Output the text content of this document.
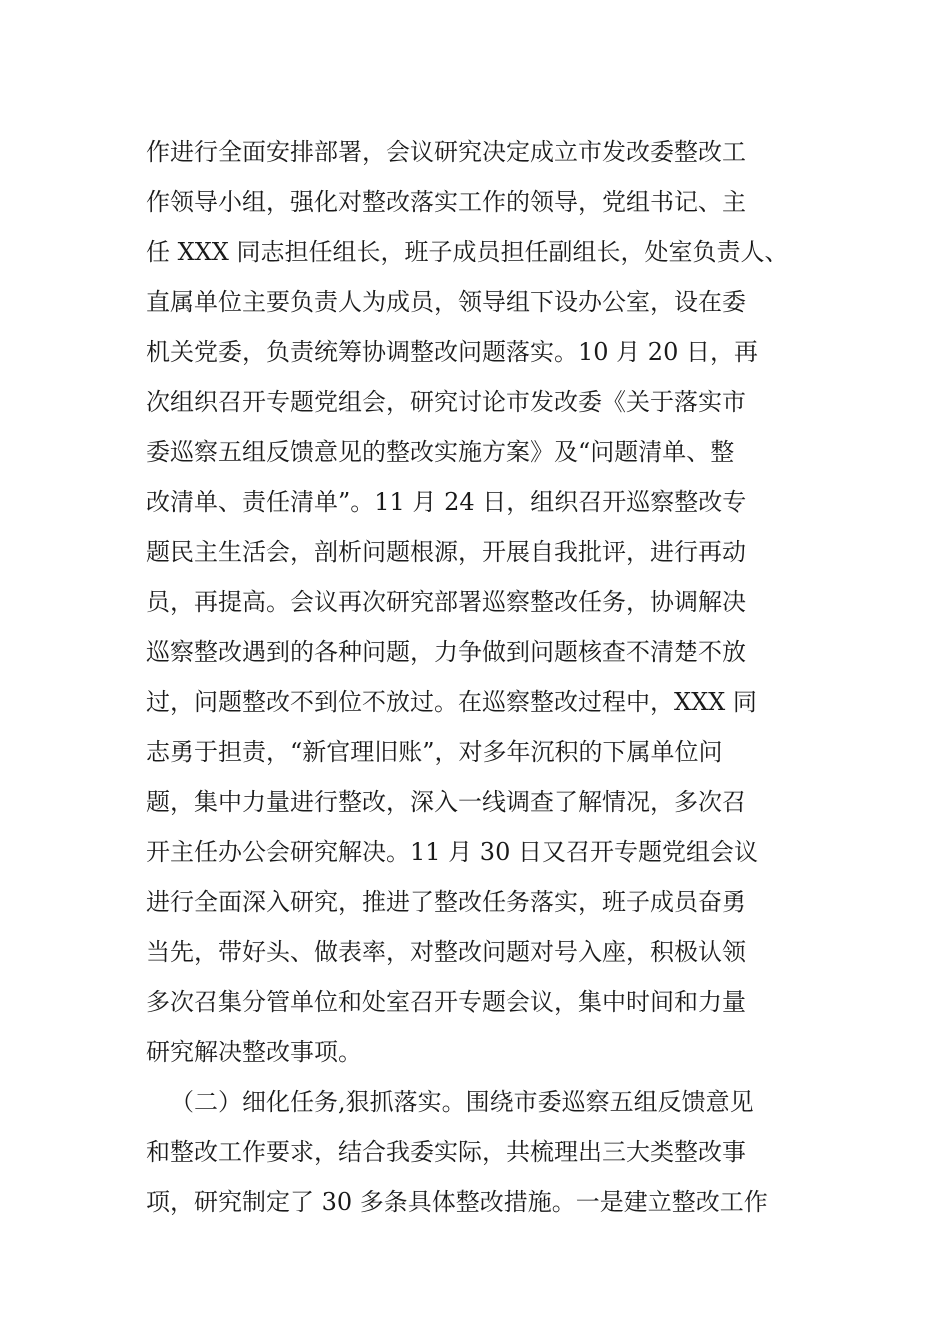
作进行全面安排部署，会议研究决定成立市发改委整改工
作领导小组，强化对整改落实工作的领导，党组书记、主
任 XXX 同志担任组长，班子成员担任副组长，处室负责人、
直属单位主要负责人为成员，领导组下设办公室，设在委
机关党委，负责统筹协调整改问题落实。10 月 20 日，再
次组织召开专题党组会，研究讨论市发改委《关于落实市
委巡察五组反馈意见的整改实施方案》及“问题清单、整
改清单、责任清单”。11 月 24 日，组织召开巡察整改专
题民主生活会，剖析问题根源，开展自我批评，进行再动
员，再提高。会议再次研究部署巡察整改任务，协调解决
巡察整改遇到的各种问题，力争做到问题核查不清楚不放
过，问题整改不到位不放过。在巡察整改过程中，XXX 同
志勇于担责，“新官理旧账”，对多年沉积的下属单位问
题，集中力量进行整改，深入一线调查了解情况，多次召
开主任办公会研究解决。11 月 30 日又召开专题党组会议
进行全面深入研究，推进了整改任务落实，班子成员奋勇
当先，带好头、做表率，对整改问题对号入座，积极认领
多次召集分管单位和处室召开专题会议，集中时间和力量
研究解决整改事项。
（二）细化任务,狠抓落实。围绕市委巡察五组反馈意见
和整改工作要求，结合我委实际，共梳理出三大类整改事
项，研究制定了 30 多条具体整改措施。一是建立整改工作
